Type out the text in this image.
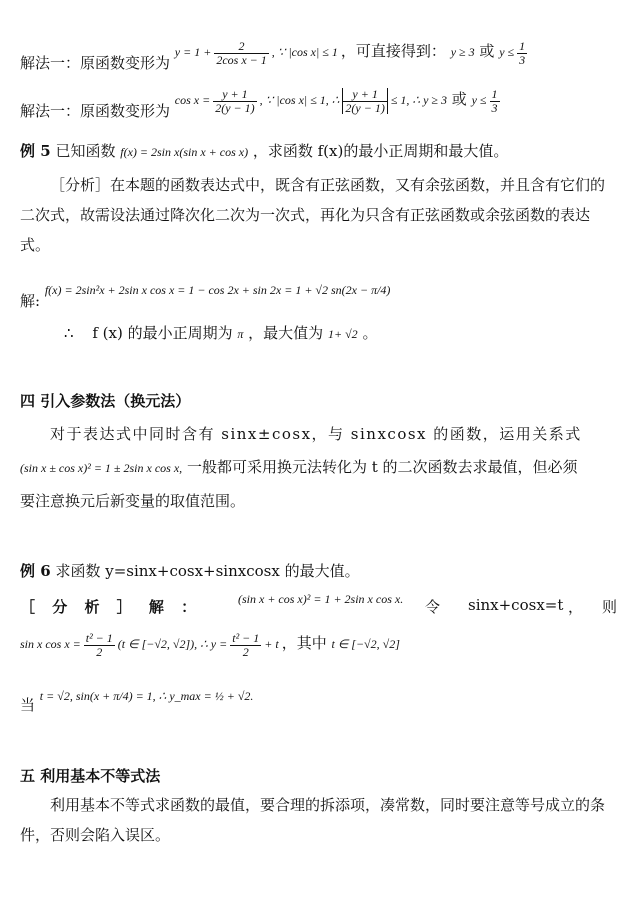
解法一：原函数变形为 $y = 1 + \frac{2}{\text{2cos x − 1}}$ , ∵ |cos x| ≤ 1 ，可直接得到： y ≥ 3 或 $y \le \frac{1}{3}$
解法一：原函数变形为 $\cos x = \frac{y + 1}{2(y - 1)}$ , ∵ |cos x| ≤ 1, ∴ $\frac{y + 1}{2(y - 1)} \le 1$, ∴ y ≥ 3 或 $y \le \frac{1}{3}$
例 5 已知函数 f(x) = 2sin x(sin x + cos x) ，求函数 f(x)的最小正周期和最大值。
［分析］在本题的函数表达式中，既含有正弦函数，又有余弦函数，并且含有它们的二次式，故需设法通过降次化二次为一次式，再化为只含有正弦函数或余弦函数的表达式。
解: f(x) = 2sin²x + 2sin x cos x = 1 − cos 2x + sin 2x = 1 + √2 sn(2x − π/4)
∴ f (x) 的最小正周期为 π ，最大值为 1+ √2 。
四 引入参数法（换元法）
对于表达式中同时含有 sinx±cosx，与 sinxcosx 的函数，运用关系式
(sin x ± cos x)² = 1 ± 2sin x cos x, 一般都可采用换元法转化为 t 的二次函数去求最值，但必须
要注意换元后新变量的取值范围。
例 6 求函数 y=sinx+cosx+sinxcosx 的最大值。
［ 分 析 ］ 解 ：	(sin x + cos x)² = 1 + 2sin x cos x. 令 sinx+cosx=t ， 则
sin x $\cos x = \frac{\text{t² − 1}}{2} (t$ ∈ [−√2, √2]), ∴ $y = \frac{\text{t² − 1}}{2} + t$ ，其中 t ∈ [−√2, √2]
当 t = √2, sin(x + π/4) = 1, ∴ y_max = ½ + √2.
五 利用基本不等式法
利用基本不等式求函数的最值，要合理的拆添项，凑常数，同时要注意等号成立的条件，否则会陷入误区。
